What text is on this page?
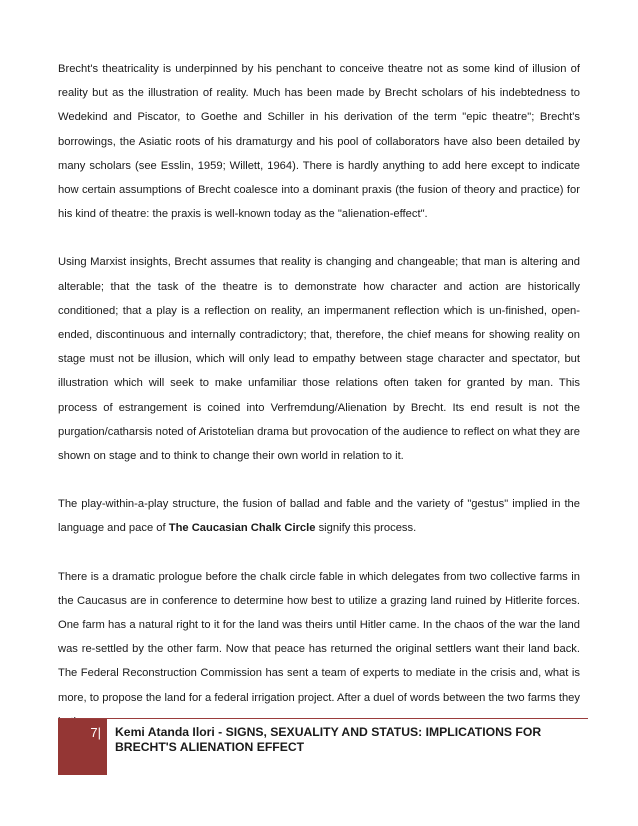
Brecht's theatricality is underpinned by his penchant to conceive theatre not as some kind of illusion of reality but as the illustration of reality. Much has been made by Brecht scholars of his indebtedness to Wedekind and Piscator, to Goethe and Schiller in his derivation of the term "epic theatre"; Brecht's borrowings, the Asiatic roots of his dramaturgy and his pool of collaborators have also been detailed by many scholars (see Esslin, 1959; Willett, 1964). There is hardly anything to add here except to indicate how certain assumptions of Brecht coalesce into a dominant praxis (the fusion of theory and practice) for his kind of theatre: the praxis is well-known today as the "alienation-effect".

Using Marxist insights, Brecht assumes that reality is changing and changeable; that man is altering and alterable; that the task of the theatre is to demonstrate how character and action are historically conditioned; that a play is a reflection on reality, an impermanent reflection which is un-finished, open-ended, discontinuous and internally contradictory; that, therefore, the chief means for showing reality on stage must not be illusion, which will only lead to empathy between stage character and spectator, but illustration which will seek to make unfamiliar those relations often taken for granted by man. This process of estrangement is coined into Verfremdung/Alienation by Brecht. Its end result is not the purgation/catharsis noted of Aristotelian drama but provocation of the audience to reflect on what they are shown on stage and to think to change their own world in relation to it.

The play-within-a-play structure, the fusion of ballad and fable and the variety of "gestus" implied in the language and pace of The Caucasian Chalk Circle signify this process.

There is a dramatic prologue before the chalk circle fable in which delegates from two collective farms in the Caucasus are in conference to determine how best to utilize a grazing land ruined by Hitlerite forces. One farm has a natural right to it for the land was theirs until Hitler came. In the chaos of the war the land was re-settled by the other farm. Now that peace has returned the original settlers want their land back. The Federal Reconstruction Commission has sent a team of experts to mediate in the crisis and, what is more, to propose the land for a federal irrigation project. After a duel of words between the two farms they

7|	Kemi Atanda Ilori - SIGNS, SEXUALITY AND STATUS: IMPLICATIONS FOR BRECHT'S ALIENATION EFFECT
